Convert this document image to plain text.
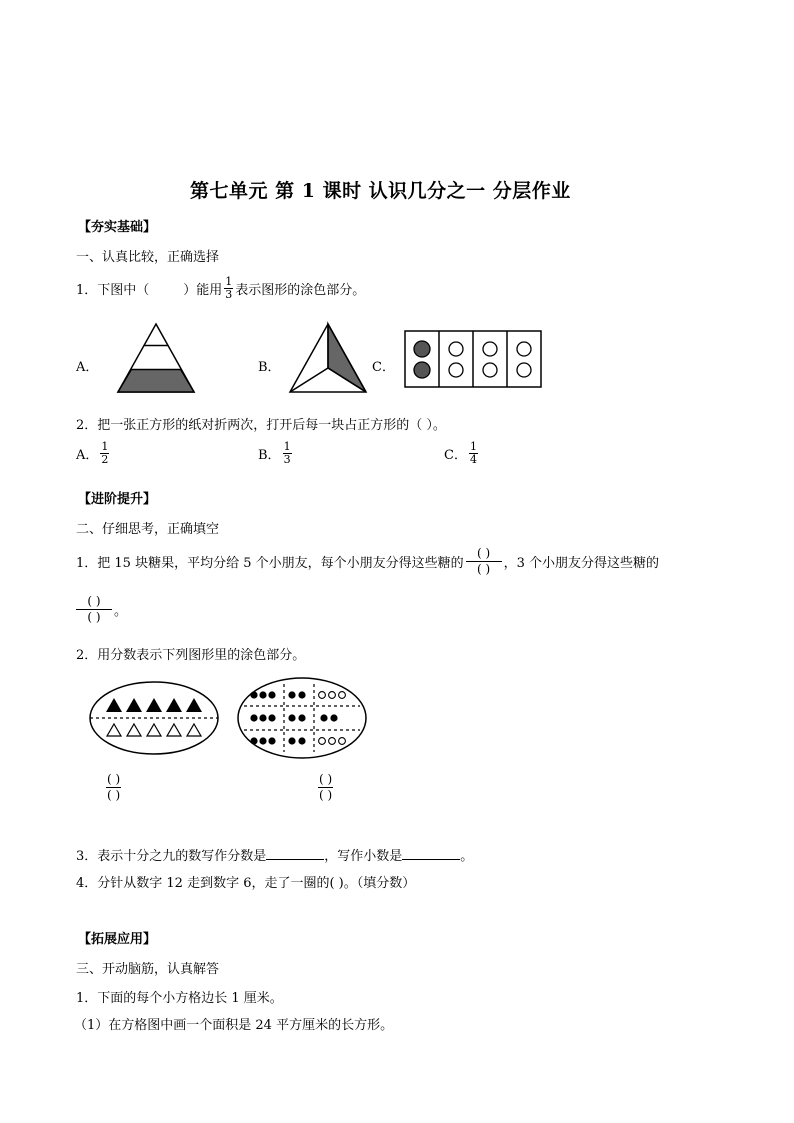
第七单元 第 1 课时 认识几分之一 分层作业
【夯实基础】
一、认真比较，正确选择
1．下图中（	）能用 $\frac{1}{3}$ 表示图形的涂色部分。
A．	B．	C．
2．把一张正方形的纸对折两次，打开后每一块占正方形的（ ）。
A． $\frac{1}{2}$	B． $\frac{1}{3}$	C． $\frac{1}{4}$
【进阶提升】
二、仔细思考，正确填空
1．把 15 块糖果，平均分给 5 个小朋友，每个小朋友分得这些糖的 $\frac{( )}{( )}$ ，3 个小朋友分得这些糖的
$\frac{( )}{( )}$ 。
2．用分数表示下列图形里的涂色部分。
$\frac{( )}{( )}$	$\frac{( )}{( )}$
3．表示十分之九的数写作分数是	，写作小数是	。
4．分针从数字 12 走到数字 6，走了一圈的( )。（填分数）
【拓展应用】
三、开动脑筋，认真解答
1．下面的每个小方格边长 1 厘米。
（1）在方格图中画一个面积是 24 平方厘米的长方形。
